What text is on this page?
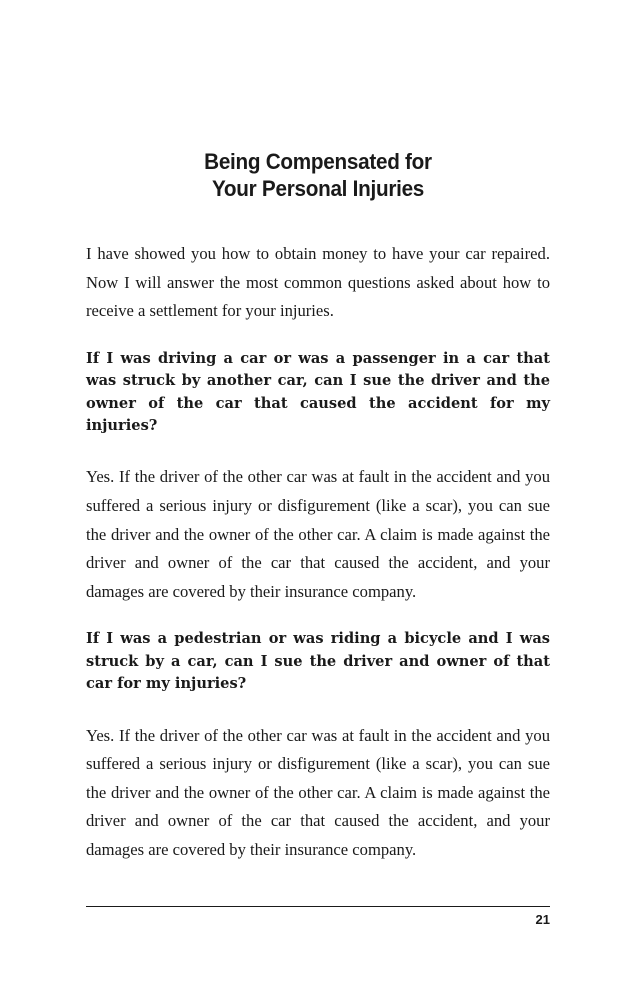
Being Compensated for
Your Personal Injuries

I have showed you how to obtain money to have your car repaired. Now I will answer the most common questions asked about how to receive a settlement for your injuries.

If I was driving a car or was a passenger in a car that was struck by another car, can I sue the driver and the owner of the car that caused the accident for my injuries?

Yes. If the driver of the other car was at fault in the accident and you suffered a serious injury or disfigurement (like a scar), you can sue the driver and the owner of the other car. A claim is made against the driver and owner of the car that caused the accident, and your damages are covered by their insurance company.

If I was a pedestrian or was riding a bicycle and I was struck by a car, can I sue the driver and owner of that car for my injuries?

Yes. If the driver of the other car was at fault in the accident and you suffered a serious injury or disfigurement (like a scar), you can sue the driver and the owner of the other car. A claim is made against the driver and owner of the car that caused the accident, and your damages are covered by their insurance company.

21
